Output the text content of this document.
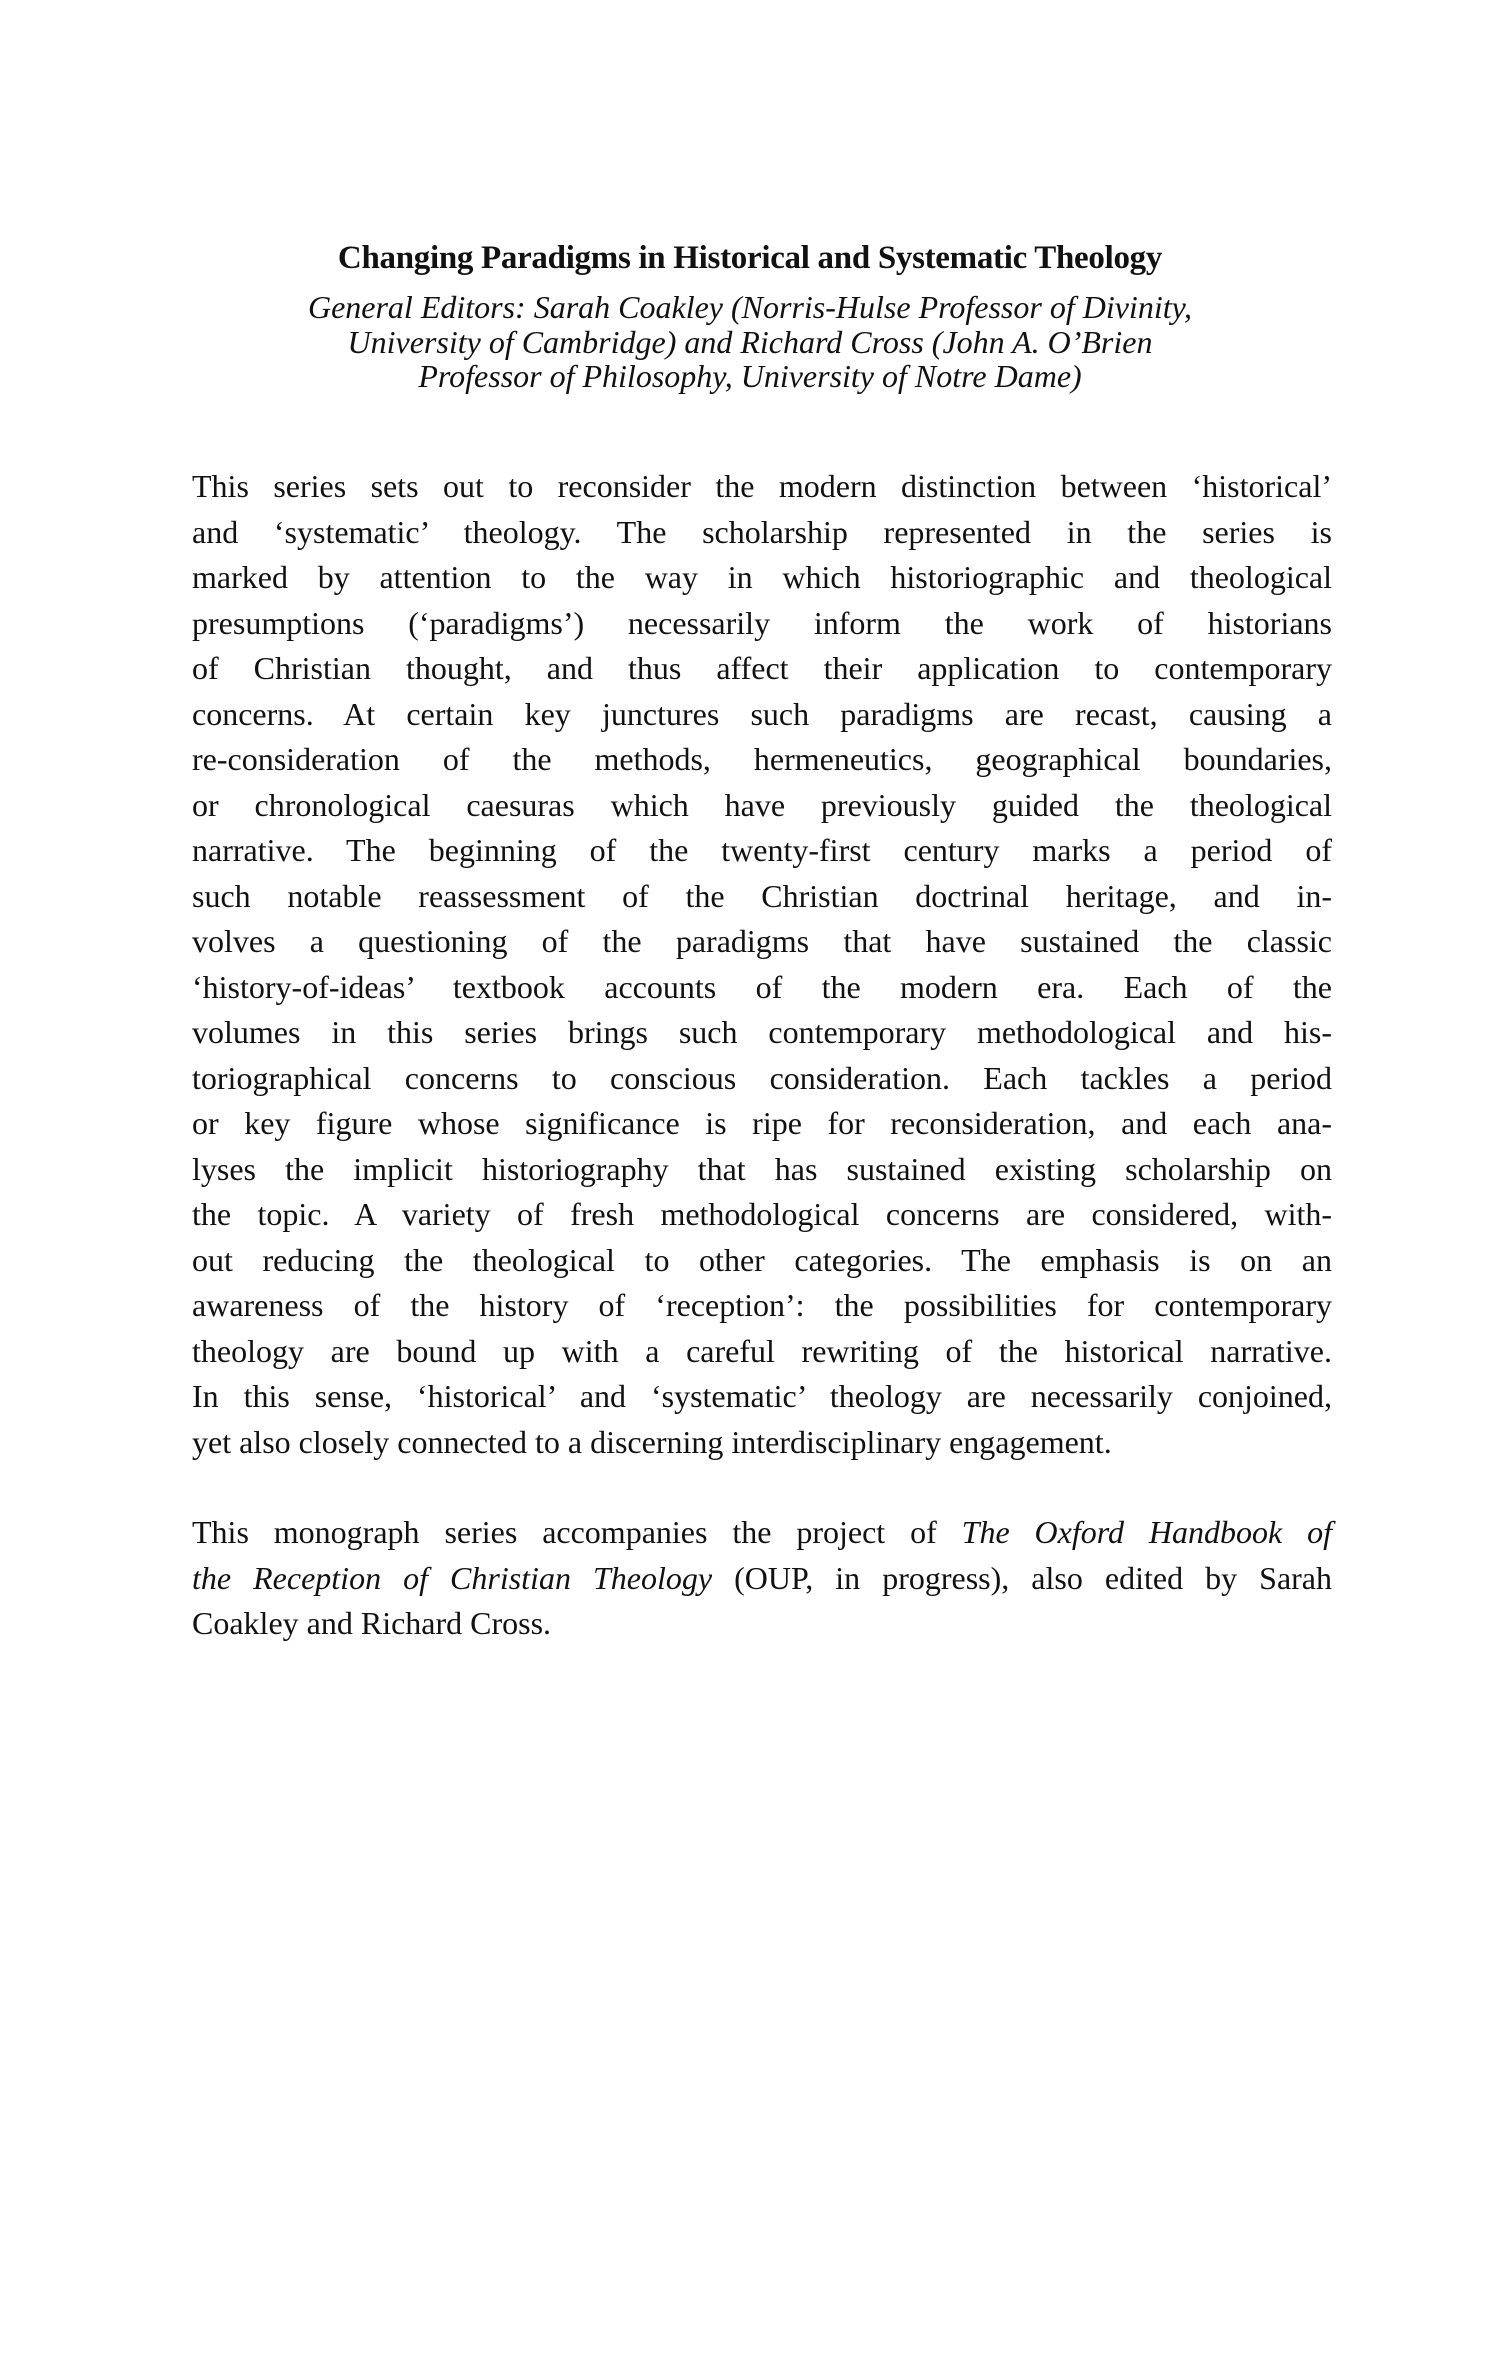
Changing Paradigms in Historical and Systematic Theology
General Editors: Sarah Coakley (Norris-Hulse Professor of Divinity,
University of Cambridge) and Richard Cross (John A. O’Brien
Professor of Philosophy, University of Notre Dame)
This series sets out to reconsider the modern distinction between ‘historical’
and ‘systematic’ theology. The scholarship represented in the series is
marked by attention to the way in which historiographic and theological
presumptions (‘paradigms’) necessarily inform the work of historians
of Christian thought, and thus affect their application to contemporary
concerns. At certain key junctures such paradigms are recast, causing a
re-consideration of the methods, hermeneutics, geographical boundaries,
or chronological caesuras which have previously guided the theological
narrative. The beginning of the twenty-first century marks a period of
such notable reassessment of the Christian doctrinal heritage, and in-
volves a questioning of the paradigms that have sustained the classic
‘history-of-ideas’ textbook accounts of the modern era. Each of the
volumes in this series brings such contemporary methodological and his-
toriographical concerns to conscious consideration. Each tackles a period
or key figure whose significance is ripe for reconsideration, and each ana-
lyses the implicit historiography that has sustained existing scholarship on
the topic. A variety of fresh methodological concerns are considered, with-
out reducing the theological to other categories. The emphasis is on an
awareness of the history of ‘reception’: the possibilities for contemporary
theology are bound up with a careful rewriting of the historical narrative.
In this sense, ‘historical’ and ‘systematic’ theology are necessarily conjoined,
yet also closely connected to a discerning interdisciplinary engagement.
This monograph series accompanies the project of The Oxford Handbook of
the Reception of Christian Theology (OUP, in progress), also edited by Sarah
Coakley and Richard Cross.
